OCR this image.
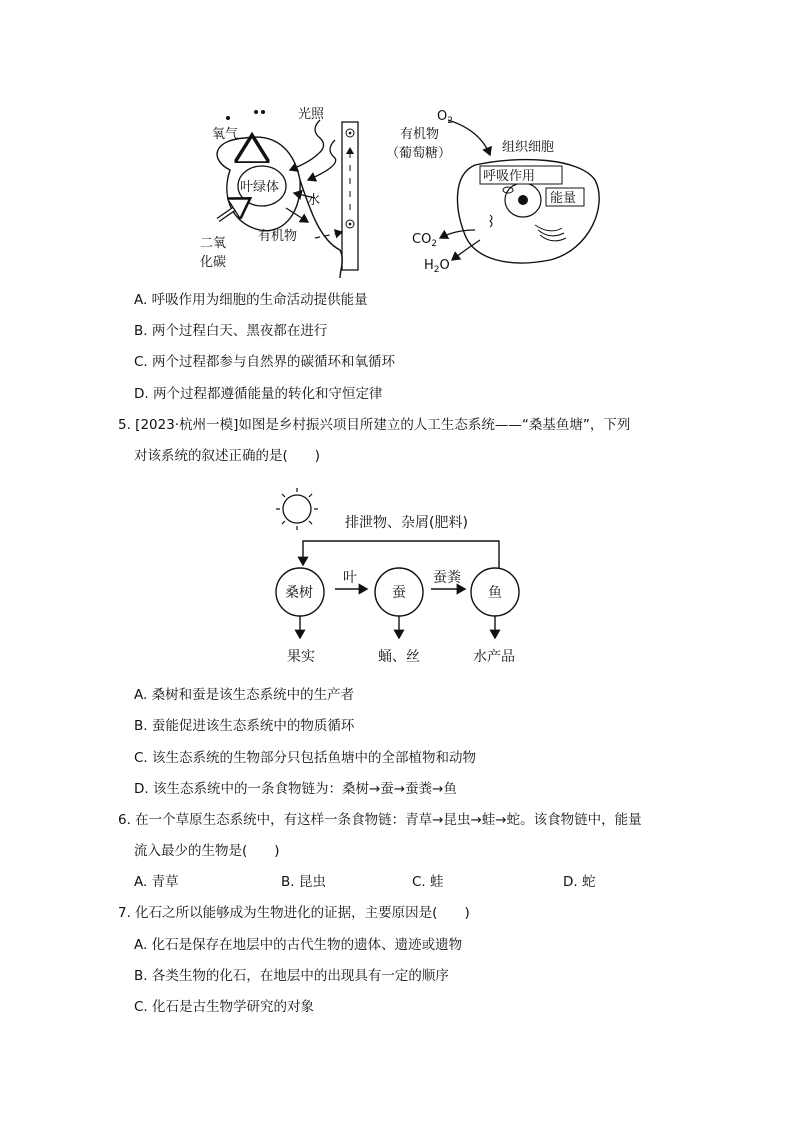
氧气
光照
叶绿体
水
有机物
二氧
化碳
$O_2$
有机物
（葡萄糖）	组织细胞
呼吸作用
能量
$CO_2$
$H_2O$
A. 呼吸作用为细胞的生命活动提供能量
B. 两个过程白天、黑夜都在进行
C. 两个过程都参与自然界的碳循环和氧循环
D. 两个过程都遵循能量的转化和守恒定律
5. [2023·杭州一模]如图是乡村振兴项目所建立的人工生态系统——“桑基鱼塘”，下列
对该系统的叙述正确的是(　　)
排泄物、杂屑(肥料)
桑树	蚕	鱼
叶	蚕粪
果实	蛹、丝	水产品
A. 桑树和蚕是该生态系统中的生产者
B. 蚕能促进该生态系统中的物质循环
C. 该生态系统的生物部分只包括鱼塘中的全部植物和动物
D. 该生态系统中的一条食物链为：桑树→蚕→蚕粪→鱼
6. 在一个草原生态系统中，有这样一条食物链：青草→昆虫→蛙→蛇。该食物链中，能量
流入最少的生物是(　　)
A. 青草	B. 昆虫	C. 蛙	D. 蛇
7. 化石之所以能够成为生物进化的证据，主要原因是(　　)
A. 化石是保存在地层中的古代生物的遗体、遗迹或遗物
B. 各类生物的化石，在地层中的出现具有一定的顺序
C. 化石是古生物学研究的对象
